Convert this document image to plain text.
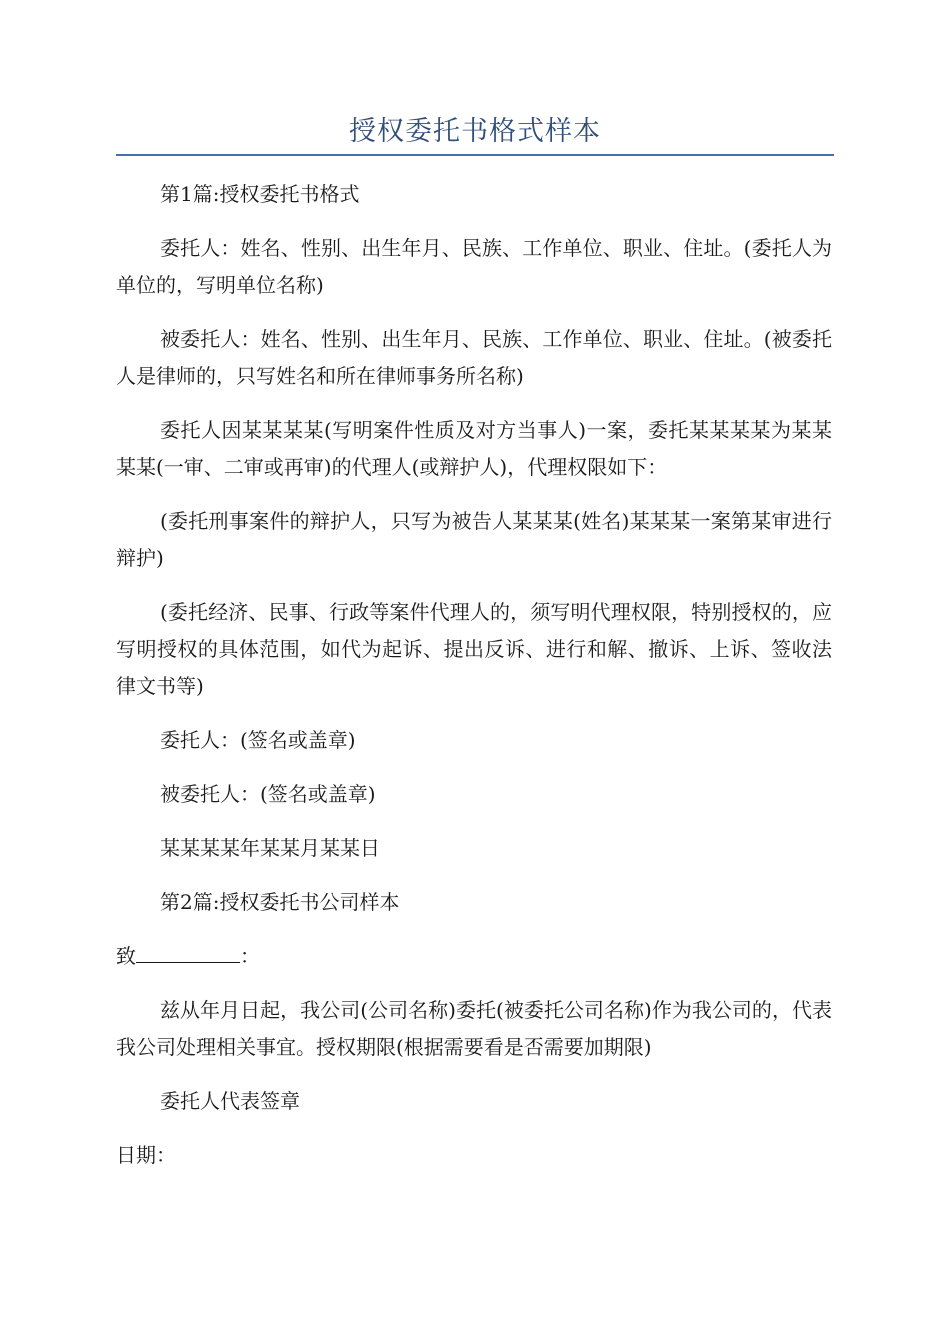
授权委托书格式样本

第1篇:授权委托书格式

委托人：姓名、性别、出生年月、民族、工作单位、职业、住址。(委托人为单位的，写明单位名称)

被委托人：姓名、性别、出生年月、民族、工作单位、职业、住址。(被委托人是律师的，只写姓名和所在律师事务所名称)

委托人因某某某某(写明案件性质及对方当事人)一案，委托某某某某为某某某某(一审、二审或再审)的代理人(或辩护人)，代理权限如下：

(委托刑事案件的辩护人，只写为被告人某某某(姓名)某某某一案第某审进行辩护)

(委托经济、民事、行政等案件代理人的，须写明代理权限，特别授权的，应写明授权的具体范围，如代为起诉、提出反诉、进行和解、撤诉、上诉、签收法律文书等)

委托人：(签名或盖章)

被委托人：(签名或盖章)

某某某某年某某月某某日

第2篇:授权委托书公司样本

致	：

兹从年月日起，我公司(公司名称)委托(被委托公司名称)作为我公司的，代表我公司处理相关事宜。授权期限(根据需要看是否需要加期限)

委托人代表签章

日期：
